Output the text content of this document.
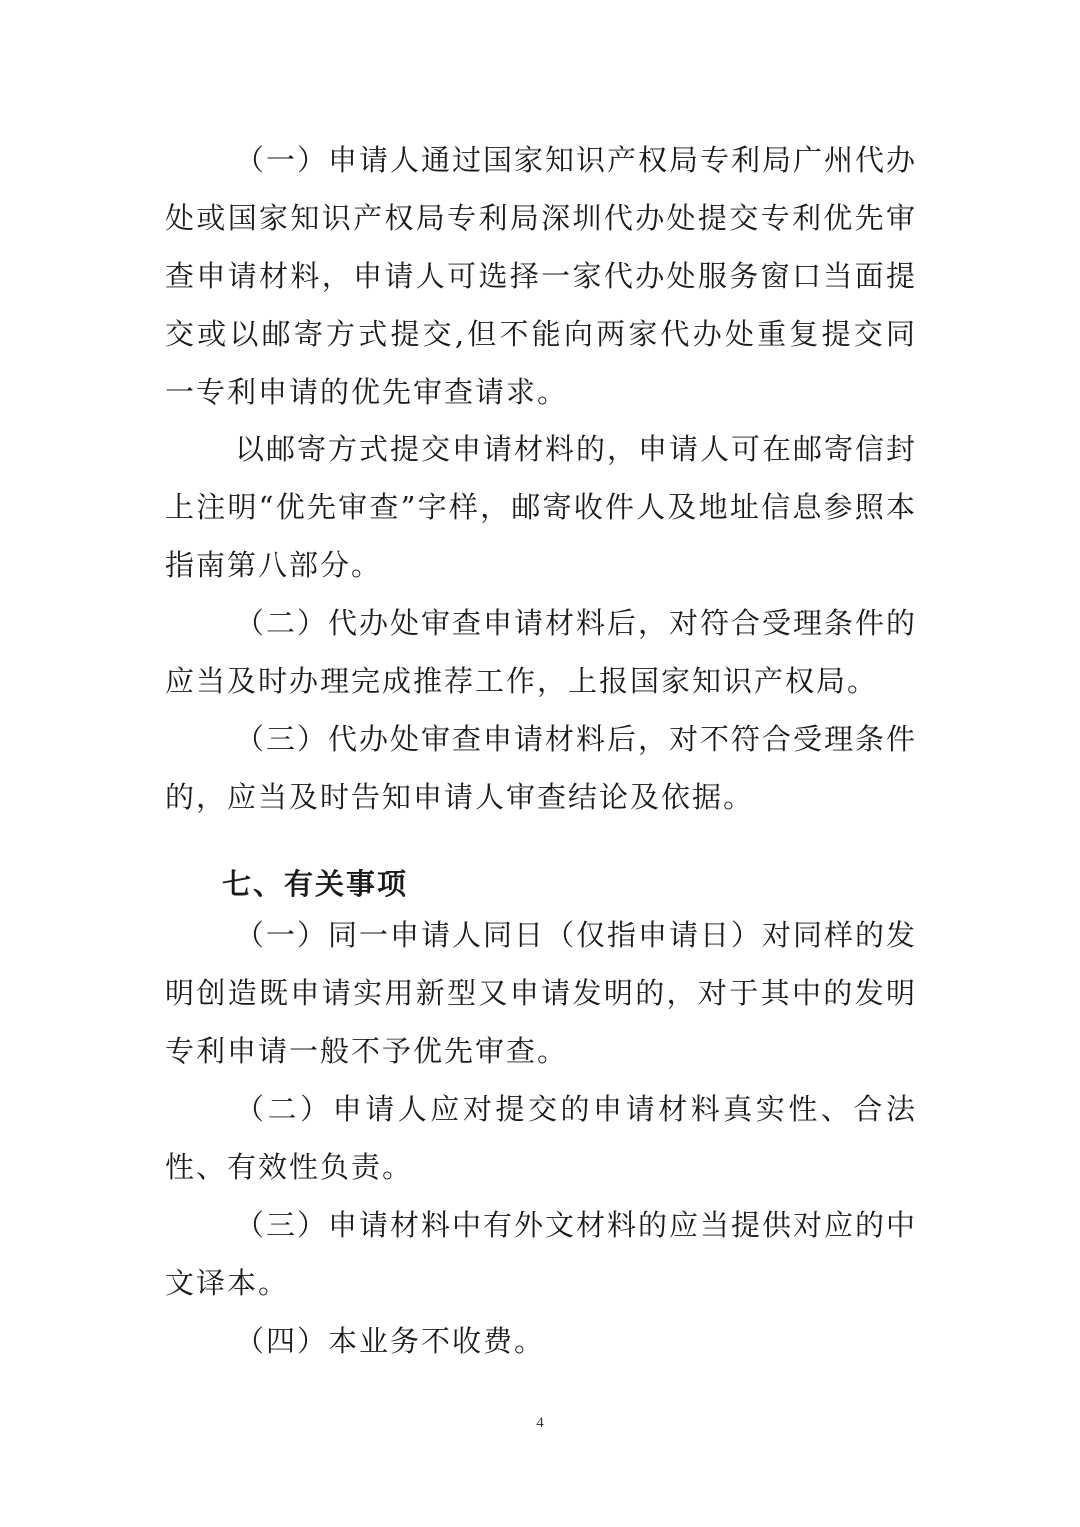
（一）申请人通过国家知识产权局专利局广州代办处或国家知识产权局专利局深圳代办处提交专利优先审查申请材料，申请人可选择一家代办处服务窗口当面提交或以邮寄方式提交,但不能向两家代办处重复提交同一专利申请的优先审查请求。

以邮寄方式提交申请材料的，申请人可在邮寄信封上注明“优先审查”字样，邮寄收件人及地址信息参照本指南第八部分。

（二）代办处审查申请材料后，对符合受理条件的应当及时办理完成推荐工作，上报国家知识产权局。

（三）代办处审查申请材料后，对不符合受理条件的，应当及时告知申请人审查结论及依据。

七、有关事项

（一）同一申请人同日（仅指申请日）对同样的发明创造既申请实用新型又申请发明的，对于其中的发明专利申请一般不予优先审查。

（二）申请人应对提交的申请材料真实性、合法性、有效性负责。

（三）申请材料中有外文材料的应当提供对应的中文译本。

（四）本业务不收费。

4
